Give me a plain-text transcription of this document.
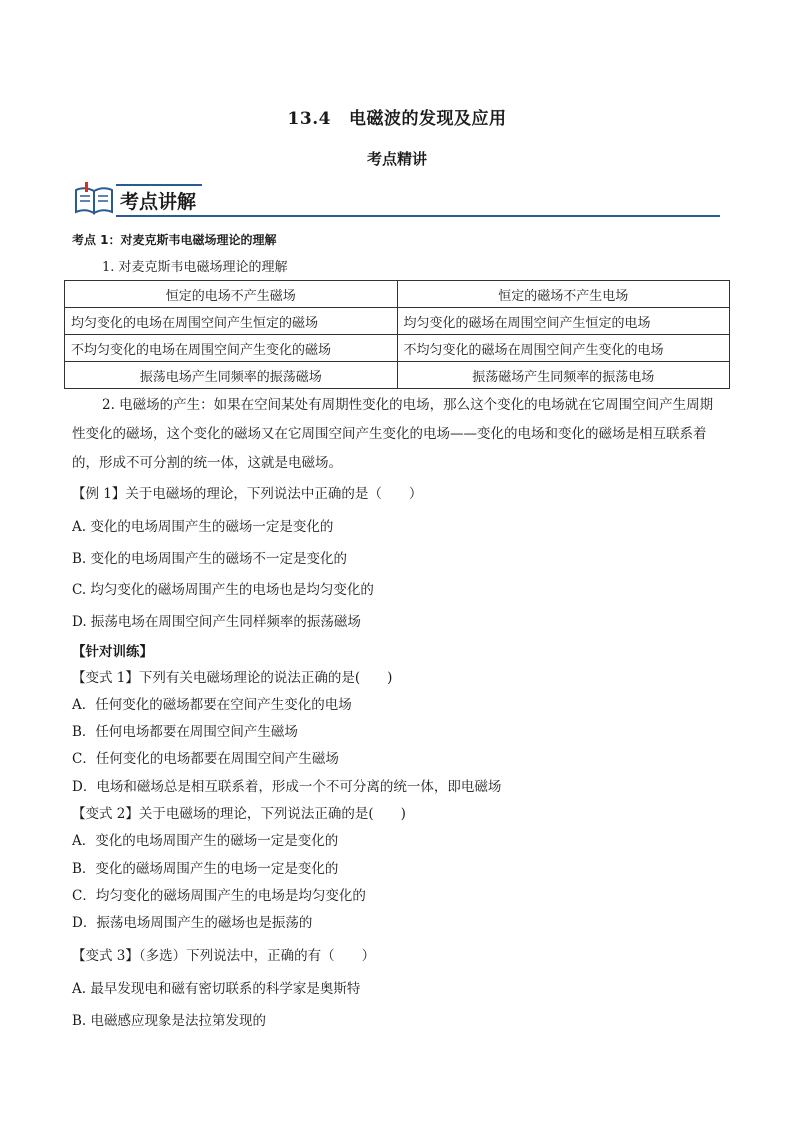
13.4 电磁波的发现及应用
考点精讲
考点讲解
考点 1：对麦克斯韦电磁场理论的理解
1. 对麦克斯韦电磁场理论的理解
恒定的电场不产生磁场	恒定的磁场不产生电场
均匀变化的电场在周围空间产生恒定的磁场	均匀变化的磁场在周围空间产生恒定的电场
不均匀变化的电场在周围空间产生变化的磁场	不均匀变化的磁场在周围空间产生变化的电场
振荡电场产生同频率的振荡磁场	振荡磁场产生同频率的振荡电场
2. 电磁场的产生：如果在空间某处有周期性变化的电场，那么这个变化的电场就在它周围空间产生周期性变化的磁场，这个变化的磁场又在它周围空间产生变化的电场——变化的电场和变化的磁场是相互联系着的，形成不可分割的统一体，这就是电磁场。
【例 1】关于电磁场的理论，下列说法中正确的是（　　）
A. 变化的电场周围产生的磁场一定是变化的
B. 变化的电场周围产生的磁场不一定是变化的
C. 均匀变化的磁场周围产生的电场也是均匀变化的
D. 振荡电场在周围空间产生同样频率的振荡磁场
【针对训练】
【变式 1】下列有关电磁场理论的说法正确的是(　　)
A．任何变化的磁场都要在空间产生变化的电场
B．任何电场都要在周围空间产生磁场
C．任何变化的电场都要在周围空间产生磁场
D．电场和磁场总是相互联系着，形成一个不可分离的统一体，即电磁场
【变式 2】关于电磁场的理论，下列说法正确的是(　　)
A．变化的电场周围产生的磁场一定是变化的
B．变化的磁场周围产生的电场一定是变化的
C．均匀变化的磁场周围产生的电场是均匀变化的
D．振荡电场周围产生的磁场也是振荡的
【变式 3】（多选）下列说法中，正确的有（　　）
A. 最早发现电和磁有密切联系的科学家是奥斯特
B. 电磁感应现象是法拉第发现的
